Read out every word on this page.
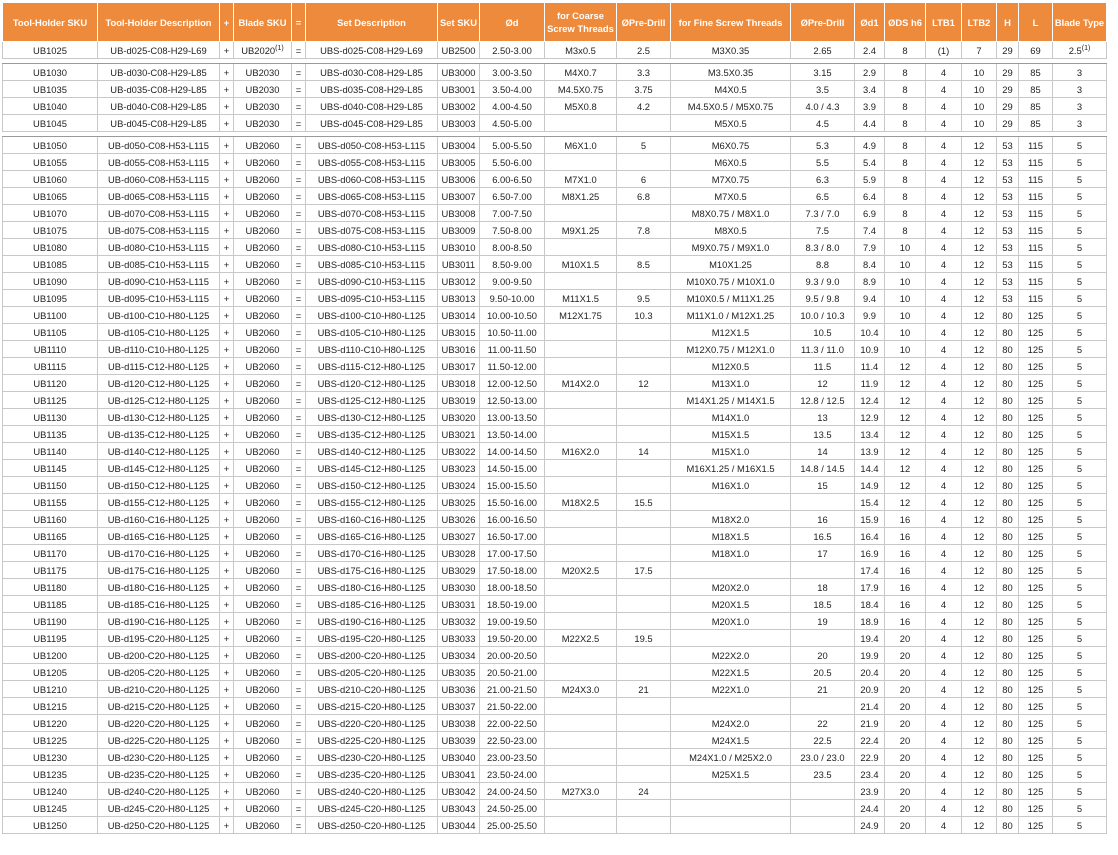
Tool-Holder SKU	Tool-Holder Description	+	Blade SKU	=	Set Description	Set SKU	Ød	for Coarse Screw Threads	ØPre-Drill	for Fine Screw Threads	ØPre-Drill	Ød1	ØDS h6	LTB1	LTB2	H	L	Blade Type
UB1025	UB-d025-C08-H29-L69	+	$UB2020^{(1)}$	=	UBS-d025-C08-H29-L69	UB2500	2.50-3.00	M3x0.5	2.5	M3X0.35	2.65	2.4	8	(1)	7	29	69	2.5$^{(1)}$

UB1030	UB-d030-C08-H29-L85	+	UB2030	=	UBS-d030-C08-H29-L85	UB3000	3.00-3.50	M4X0.7	3.3	M3.5X0.35	3.15	2.9	8	4	10	29	85	3
UB1035	UB-d035-C08-H29-L85	+	UB2030	=	UBS-d035-C08-H29-L85	UB3001	3.50-4.00	M4.5X0.75	3.75	M4X0.5	3.5	3.4	8	4	10	29	85	3
UB1040	UB-d040-C08-H29-L85	+	UB2030	=	UBS-d040-C08-H29-L85	UB3002	4.00-4.50	M5X0.8	4.2	M4.5X0.5 / M5X0.75	4.0 / 4.3	3.9	8	4	10	29	85	3
UB1045	UB-d045-C08-H29-L85	+	UB2030	=	UBS-d045-C08-H29-L85	UB3003	4.50-5.00			M5X0.5	4.5	4.4	8	4	10	29	85	3

UB1050	UB-d050-C08-H53-L115	+	UB2060	=	UBS-d050-C08-H53-L115	UB3004	5.00-5.50	M6X1.0	5	M6X0.75	5.3	4.9	8	4	12	53	115	5
UB1055	UB-d055-C08-H53-L115	+	UB2060	=	UBS-d055-C08-H53-L115	UB3005	5.50-6.00			M6X0.5	5.5	5.4	8	4	12	53	115	5
UB1060	UB-d060-C08-H53-L115	+	UB2060	=	UBS-d060-C08-H53-L115	UB3006	6.00-6.50	M7X1.0	6	M7X0.75	6.3	5.9	8	4	12	53	115	5
UB1065	UB-d065-C08-H53-L115	+	UB2060	=	UBS-d065-C08-H53-L115	UB3007	6.50-7.00	M8X1.25	6.8	M7X0.5	6.5	6.4	8	4	12	53	115	5
UB1070	UB-d070-C08-H53-L115	+	UB2060	=	UBS-d070-C08-H53-L115	UB3008	7.00-7.50			M8X0.75 / M8X1.0	7.3 / 7.0	6.9	8	4	12	53	115	5
UB1075	UB-d075-C08-H53-L115	+	UB2060	=	UBS-d075-C08-H53-L115	UB3009	7.50-8.00	M9X1.25	7.8	M8X0.5	7.5	7.4	8	4	12	53	115	5
UB1080	UB-d080-C10-H53-L115	+	UB2060	=	UBS-d080-C10-H53-L115	UB3010	8.00-8.50			M9X0.75 / M9X1.0	8.3 / 8.0	7.9	10	4	12	53	115	5
UB1085	UB-d085-C10-H53-L115	+	UB2060	=	UBS-d085-C10-H53-L115	UB3011	8.50-9.00	M10X1.5	8.5	M10X1.25	8.8	8.4	10	4	12	53	115	5
UB1090	UB-d090-C10-H53-L115	+	UB2060	=	UBS-d090-C10-H53-L115	UB3012	9.00-9.50			M10X0.75 / M10X1.0	9.3 / 9.0	8.9	10	4	12	53	115	5
UB1095	UB-d095-C10-H53-L115	+	UB2060	=	UBS-d095-C10-H53-L115	UB3013	9.50-10.00	M11X1.5	9.5	M10X0.5 / M11X1.25	9.5 / 9.8	9.4	10	4	12	53	115	5
UB1100	UB-d100-C10-H80-L125	+	UB2060	=	UBS-d100-C10-H80-L125	UB3014	10.00-10.50	M12X1.75	10.3	M11X1.0 / M12X1.25	10.0 / 10.3	9.9	10	4	12	80	125	5
UB1105	UB-d105-C10-H80-L125	+	UB2060	=	UBS-d105-C10-H80-L125	UB3015	10.50-11.00			M12X1.5	10.5	10.4	10	4	12	80	125	5
UB1110	UB-d110-C10-H80-L125	+	UB2060	=	UBS-d110-C10-H80-L125	UB3016	11.00-11.50			M12X0.75 / M12X1.0	11.3 / 11.0	10.9	10	4	12	80	125	5
UB1115	UB-d115-C12-H80-L125	+	UB2060	=	UBS-d115-C12-H80-L125	UB3017	11.50-12.00			M12X0.5	11.5	11.4	12	4	12	80	125	5
UB1120	UB-d120-C12-H80-L125	+	UB2060	=	UBS-d120-C12-H80-L125	UB3018	12.00-12.50	M14X2.0	12	M13X1.0	12	11.9	12	4	12	80	125	5
UB1125	UB-d125-C12-H80-L125	+	UB2060	=	UBS-d125-C12-H80-L125	UB3019	12.50-13.00			M14X1.25 / M14X1.5	12.8 / 12.5	12.4	12	4	12	80	125	5
UB1130	UB-d130-C12-H80-L125	+	UB2060	=	UBS-d130-C12-H80-L125	UB3020	13.00-13.50			M14X1.0	13	12.9	12	4	12	80	125	5
UB1135	UB-d135-C12-H80-L125	+	UB2060	=	UBS-d135-C12-H80-L125	UB3021	13.50-14.00			M15X1.5	13.5	13.4	12	4	12	80	125	5
UB1140	UB-d140-C12-H80-L125	+	UB2060	=	UBS-d140-C12-H80-L125	UB3022	14.00-14.50	M16X2.0	14	M15X1.0	14	13.9	12	4	12	80	125	5
UB1145	UB-d145-C12-H80-L125	+	UB2060	=	UBS-d145-C12-H80-L125	UB3023	14.50-15.00			M16X1.25 / M16X1.5	14.8 / 14.5	14.4	12	4	12	80	125	5
UB1150	UB-d150-C12-H80-L125	+	UB2060	=	UBS-d150-C12-H80-L125	UB3024	15.00-15.50			M16X1.0	15	14.9	12	4	12	80	125	5
UB1155	UB-d155-C12-H80-L125	+	UB2060	=	UBS-d155-C12-H80-L125	UB3025	15.50-16.00	M18X2.5	15.5			15.4	12	4	12	80	125	5
UB1160	UB-d160-C16-H80-L125	+	UB2060	=	UBS-d160-C16-H80-L125	UB3026	16.00-16.50			M18X2.0	16	15.9	16	4	12	80	125	5
UB1165	UB-d165-C16-H80-L125	+	UB2060	=	UBS-d165-C16-H80-L125	UB3027	16.50-17.00			M18X1.5	16.5	16.4	16	4	12	80	125	5
UB1170	UB-d170-C16-H80-L125	+	UB2060	=	UBS-d170-C16-H80-L125	UB3028	17.00-17.50			M18X1.0	17	16.9	16	4	12	80	125	5
UB1175	UB-d175-C16-H80-L125	+	UB2060	=	UBS-d175-C16-H80-L125	UB3029	17.50-18.00	M20X2.5	17.5			17.4	16	4	12	80	125	5
UB1180	UB-d180-C16-H80-L125	+	UB2060	=	UBS-d180-C16-H80-L125	UB3030	18.00-18.50			M20X2.0	18	17.9	16	4	12	80	125	5
UB1185	UB-d185-C16-H80-L125	+	UB2060	=	UBS-d185-C16-H80-L125	UB3031	18.50-19.00			M20X1.5	18.5	18.4	16	4	12	80	125	5
UB1190	UB-d190-C16-H80-L125	+	UB2060	=	UBS-d190-C16-H80-L125	UB3032	19.00-19.50			M20X1.0	19	18.9	16	4	12	80	125	5
UB1195	UB-d195-C20-H80-L125	+	UB2060	=	UBS-d195-C20-H80-L125	UB3033	19.50-20.00	M22X2.5	19.5			19.4	20	4	12	80	125	5
UB1200	UB-d200-C20-H80-L125	+	UB2060	=	UBS-d200-C20-H80-L125	UB3034	20.00-20.50			M22X2.0	20	19.9	20	4	12	80	125	5
UB1205	UB-d205-C20-H80-L125	+	UB2060	=	UBS-d205-C20-H80-L125	UB3035	20.50-21.00			M22X1.5	20.5	20.4	20	4	12	80	125	5
UB1210	UB-d210-C20-H80-L125	+	UB2060	=	UBS-d210-C20-H80-L125	UB3036	21.00-21.50	M24X3.0	21	M22X1.0	21	20.9	20	4	12	80	125	5
UB1215	UB-d215-C20-H80-L125	+	UB2060	=	UBS-d215-C20-H80-L125	UB3037	21.50-22.00					21.4	20	4	12	80	125	5
UB1220	UB-d220-C20-H80-L125	+	UB2060	=	UBS-d220-C20-H80-L125	UB3038	22.00-22.50			M24X2.0	22	21.9	20	4	12	80	125	5
UB1225	UB-d225-C20-H80-L125	+	UB2060	=	UBS-d225-C20-H80-L125	UB3039	22.50-23.00			M24X1.5	22.5	22.4	20	4	12	80	125	5
UB1230	UB-d230-C20-H80-L125	+	UB2060	=	UBS-d230-C20-H80-L125	UB3040	23.00-23.50			M24X1.0 / M25X2.0	23.0 / 23.0	22.9	20	4	12	80	125	5
UB1235	UB-d235-C20-H80-L125	+	UB2060	=	UBS-d235-C20-H80-L125	UB3041	23.50-24.00			M25X1.5	23.5	23.4	20	4	12	80	125	5
UB1240	UB-d240-C20-H80-L125	+	UB2060	=	UBS-d240-C20-H80-L125	UB3042	24.00-24.50	M27X3.0	24			23.9	20	4	12	80	125	5
UB1245	UB-d245-C20-H80-L125	+	UB2060	=	UBS-d245-C20-H80-L125	UB3043	24.50-25.00					24.4	20	4	12	80	125	5
UB1250	UB-d250-C20-H80-L125	+	UB2060	=	UBS-d250-C20-H80-L125	UB3044	25.00-25.50					24.9	20	4	12	80	125	5
